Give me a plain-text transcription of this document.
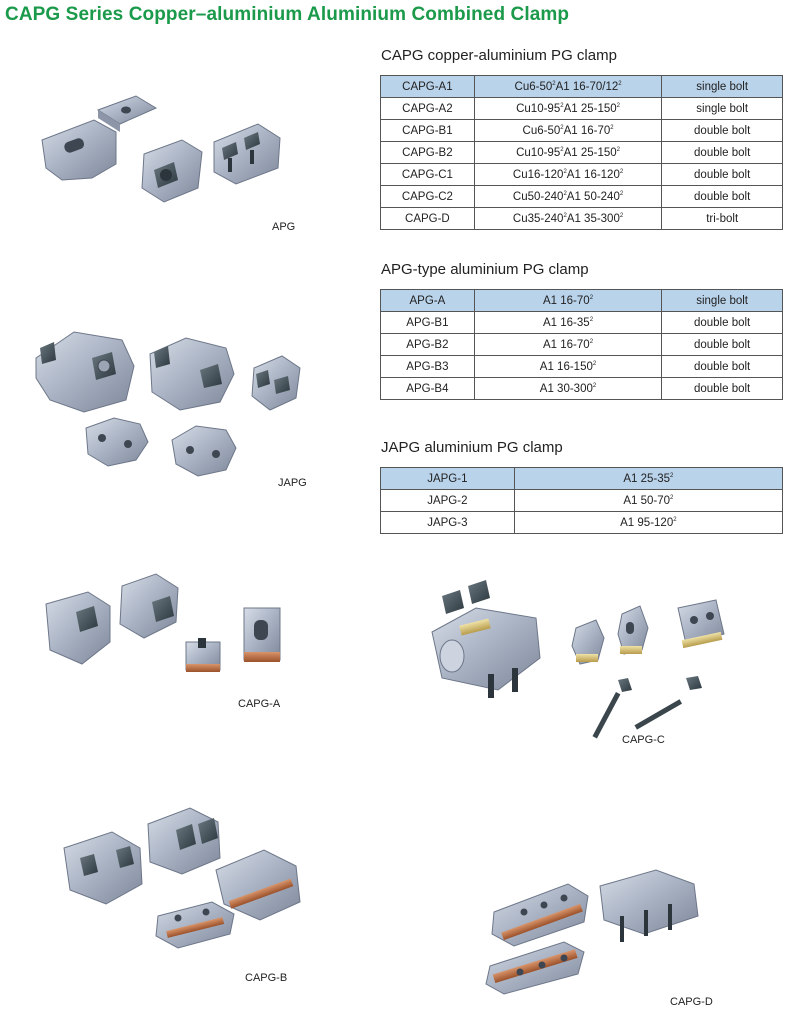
CAPG Series Copper–aluminium Aluminium Combined Clamp
CAPG copper-aluminium PG clamp
CAPG-A1	$Cu6-50^2A1$ $16-70/12^2$	single bolt
CAPG-A2	$Cu10-95^2A1$ $25-150^2$	single bolt
CAPG-B1	$Cu6-50^2A1$ $16-70^2$	double bolt
CAPG-B2	$Cu10-95^2A1$ $25-150^2$	double bolt
CAPG-C1	$Cu16-120^2A1$ $16-120^2$	double bolt
CAPG-C2	$Cu50-240^2A1$ $50-240^2$	double bolt
CAPG-D	$Cu35-240^2A1$ $35-300^2$	tri-bolt
APG-type aluminium PG clamp
APG-A	A1 $16-70^2$	single bolt
APG-B1	A1 $16-35^2$	double bolt
APG-B2	A1 $16-70^2$	double bolt
APG-B3	A1 $16-150^2$	double bolt
APG-B4	A1 $30-300^2$	double bolt
JAPG aluminium PG clamp
JAPG-1	A1 $25-35^2$
JAPG-2	A1 $50-70^2$
JAPG-3	A1 $95-120^2$
APG
JAPG
CAPG-A
CAPG-C
CAPG-B
CAPG-D
